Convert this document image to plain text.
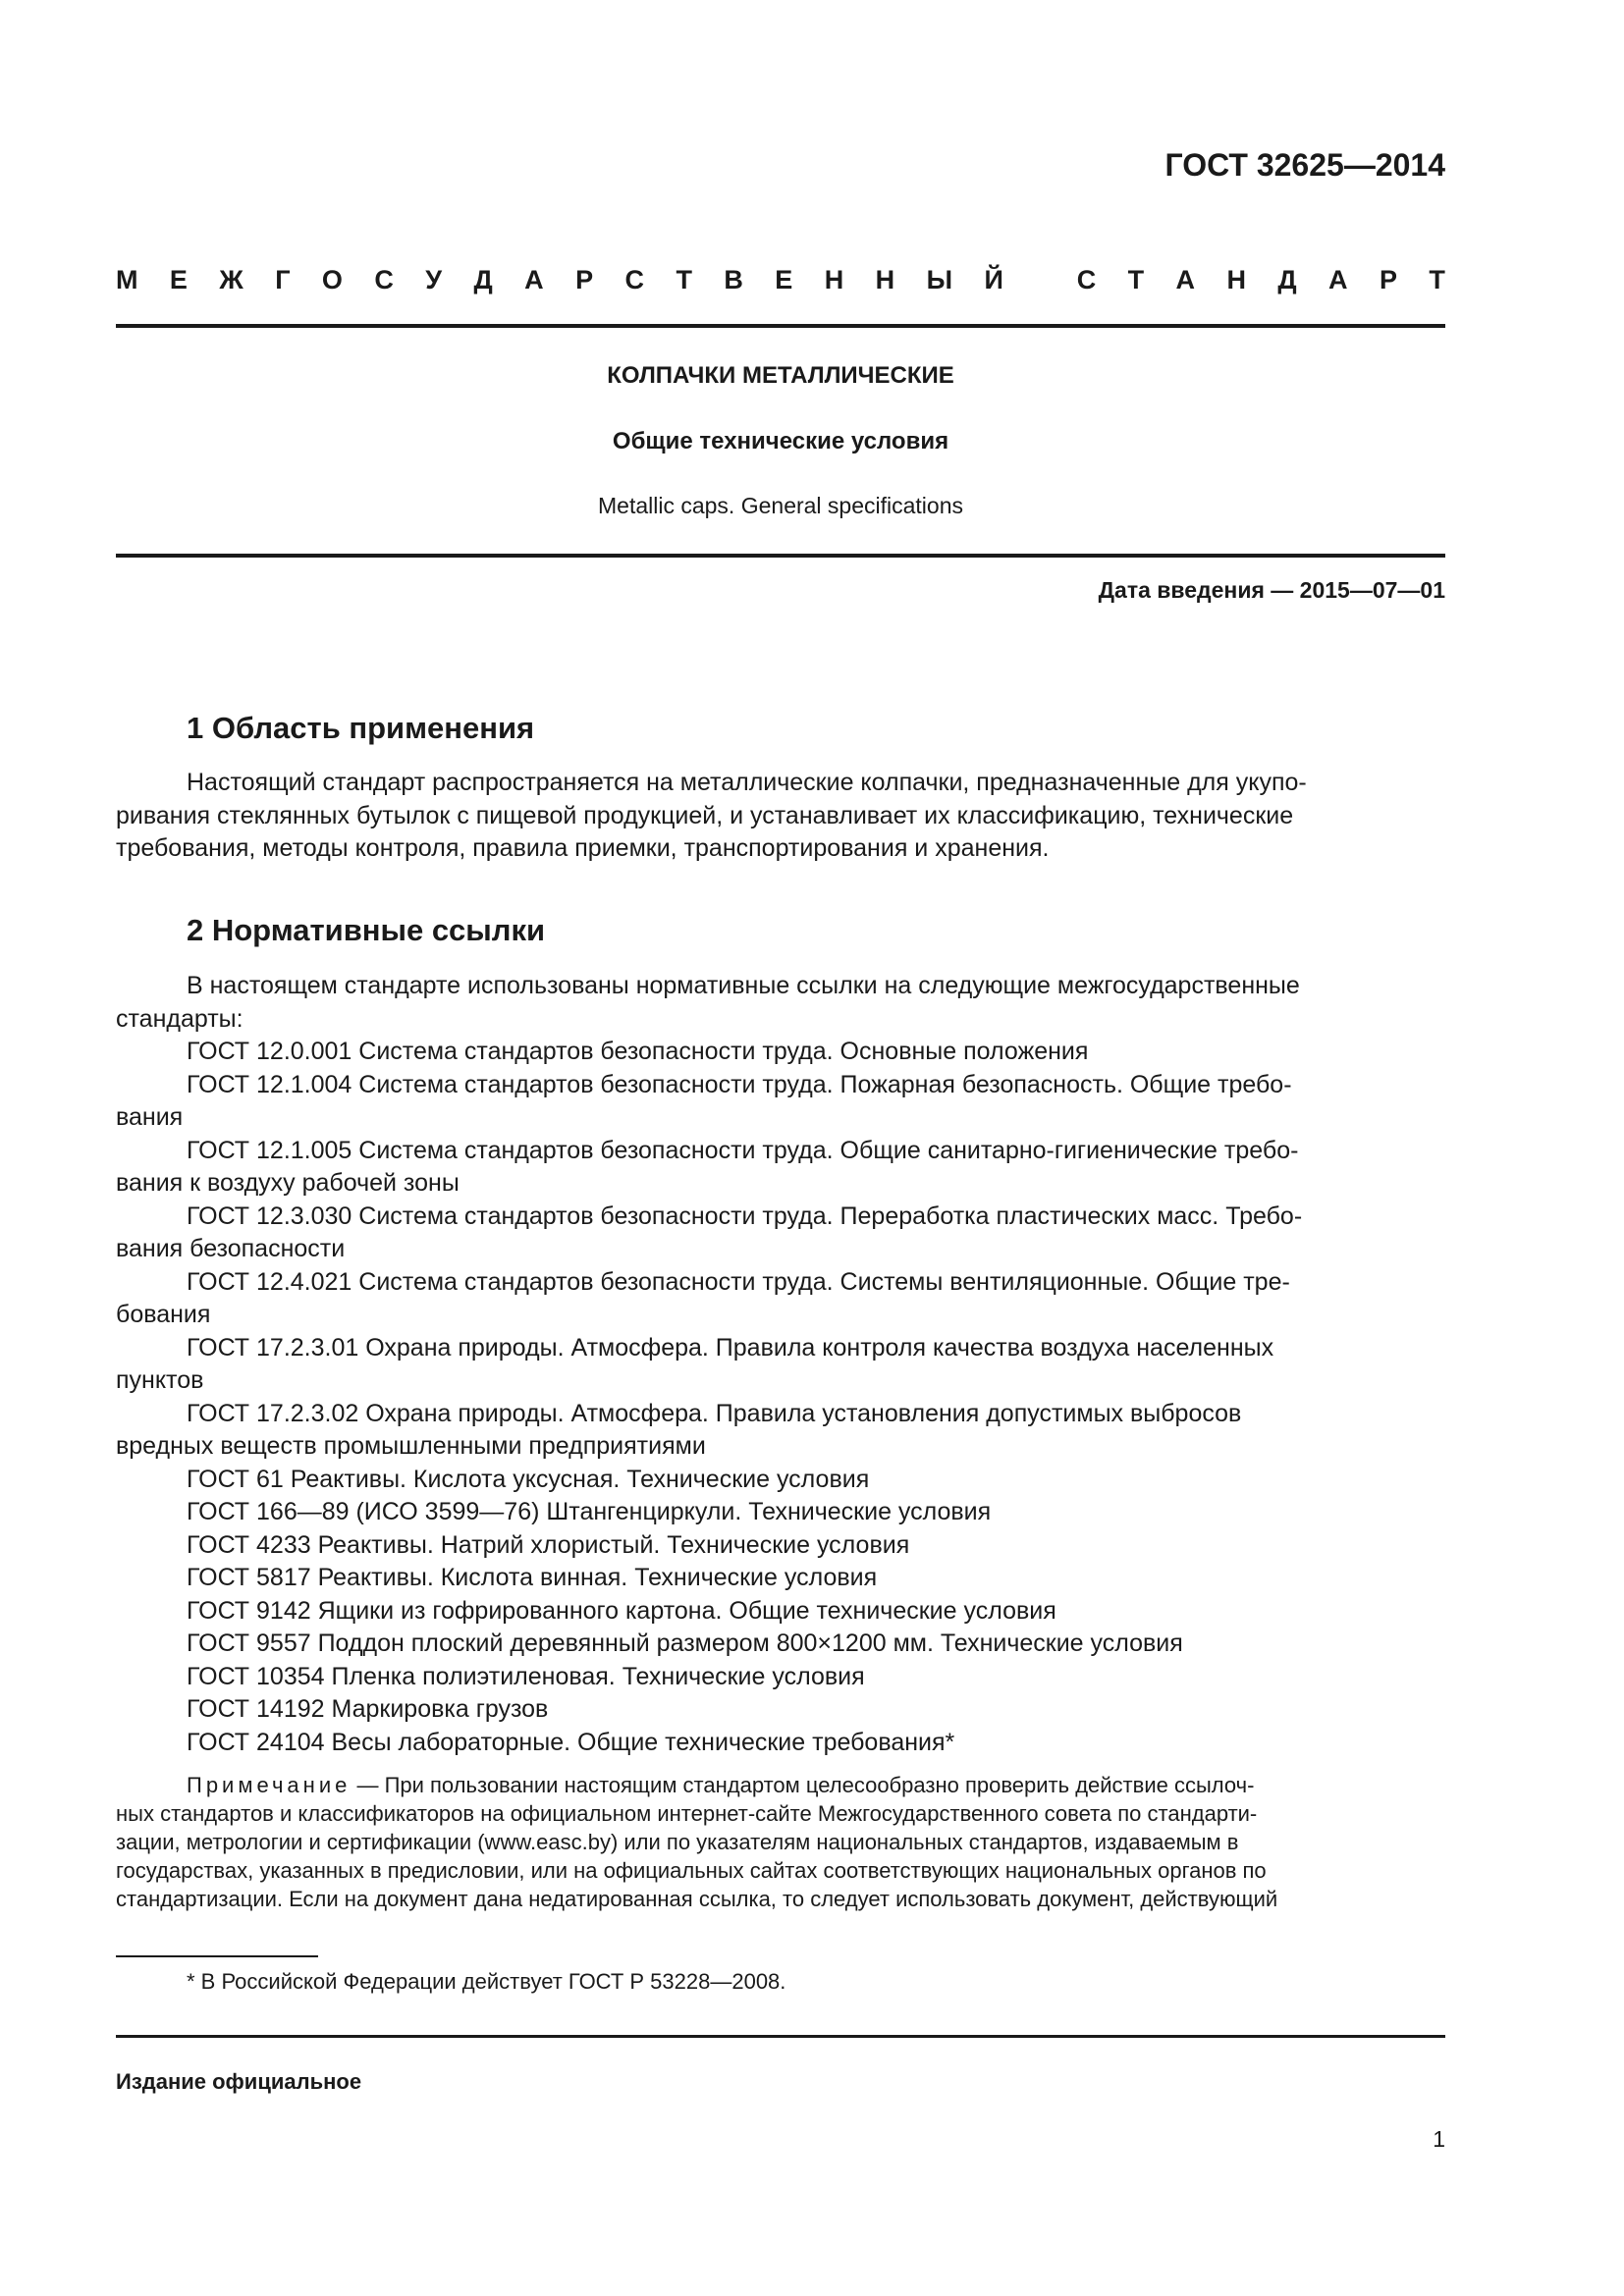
ГОСТ 32625—2014
М Е Ж Г О С У Д А Р С Т В Е Н Н Ы Й	С Т А Н Д А Р Т
КОЛПАЧКИ МЕТАЛЛИЧЕСКИЕ
Общие технические условия
Metallic caps. General specifications
Дата введения — 2015—07—01
1 Область применения
Настоящий стандарт распространяется на металлические колпачки, предназначенные для укупо-
ривания стеклянных бутылок с пищевой продукцией, и устанавливает их классификацию, технические
требования, методы контроля, правила приемки, транспортирования и хранения.
2 Нормативные ссылки
В настоящем стандарте использованы нормативные ссылки на следующие межгосударственные
стандарты:
ГОСТ 12.0.001 Система стандартов безопасности труда. Основные положения
ГОСТ 12.1.004 Система стандартов безопасности труда. Пожарная безопасность. Общие требо-
вания
ГОСТ 12.1.005 Система стандартов безопасности труда. Общие санитарно-гигиенические требо-
вания к воздуху рабочей зоны
ГОСТ 12.3.030 Система стандартов безопасности труда. Переработка пластических масс. Требо-
вания безопасности
ГОСТ 12.4.021 Система стандартов безопасности труда. Системы вентиляционные. Общие тре-
бования
ГОСТ 17.2.3.01 Охрана природы. Атмосфера. Правила контроля качества воздуха населенных
пунктов
ГОСТ 17.2.3.02 Охрана природы. Атмосфера. Правила установления допустимых выбросов
вредных веществ промышленными предприятиями
ГОСТ 61 Реактивы. Кислота уксусная. Технические условия
ГОСТ 166—89 (ИСО 3599—76) Штангенциркули. Технические условия
ГОСТ 4233 Реактивы. Натрий хлористый. Технические условия
ГОСТ 5817 Реактивы. Кислота винная. Технические условия
ГОСТ 9142 Ящики из гофрированного картона. Общие технические условия
ГОСТ 9557 Поддон плоский деревянный размером 800×1200 мм. Технические условия
ГОСТ 10354 Пленка полиэтиленовая. Технические условия
ГОСТ 14192 Маркировка грузов
ГОСТ 24104 Весы лабораторные. Общие технические требования*
Примечание — При пользовании настоящим стандартом целесообразно проверить действие ссылоч-
ных стандартов и классификаторов на официальном интернет-сайте Межгосударственного совета по стандарти-
зации, метрологии и сертификации (www.easc.by) или по указателям национальных стандартов, издаваемым в
государствах, указанных в предисловии, или на официальных сайтах соответствующих национальных органов по
стандартизации. Если на документ дана недатированная ссылка, то следует использовать документ, действующий
* В Российской Федерации действует ГОСТ Р 53228—2008.
Издание официальное
1
